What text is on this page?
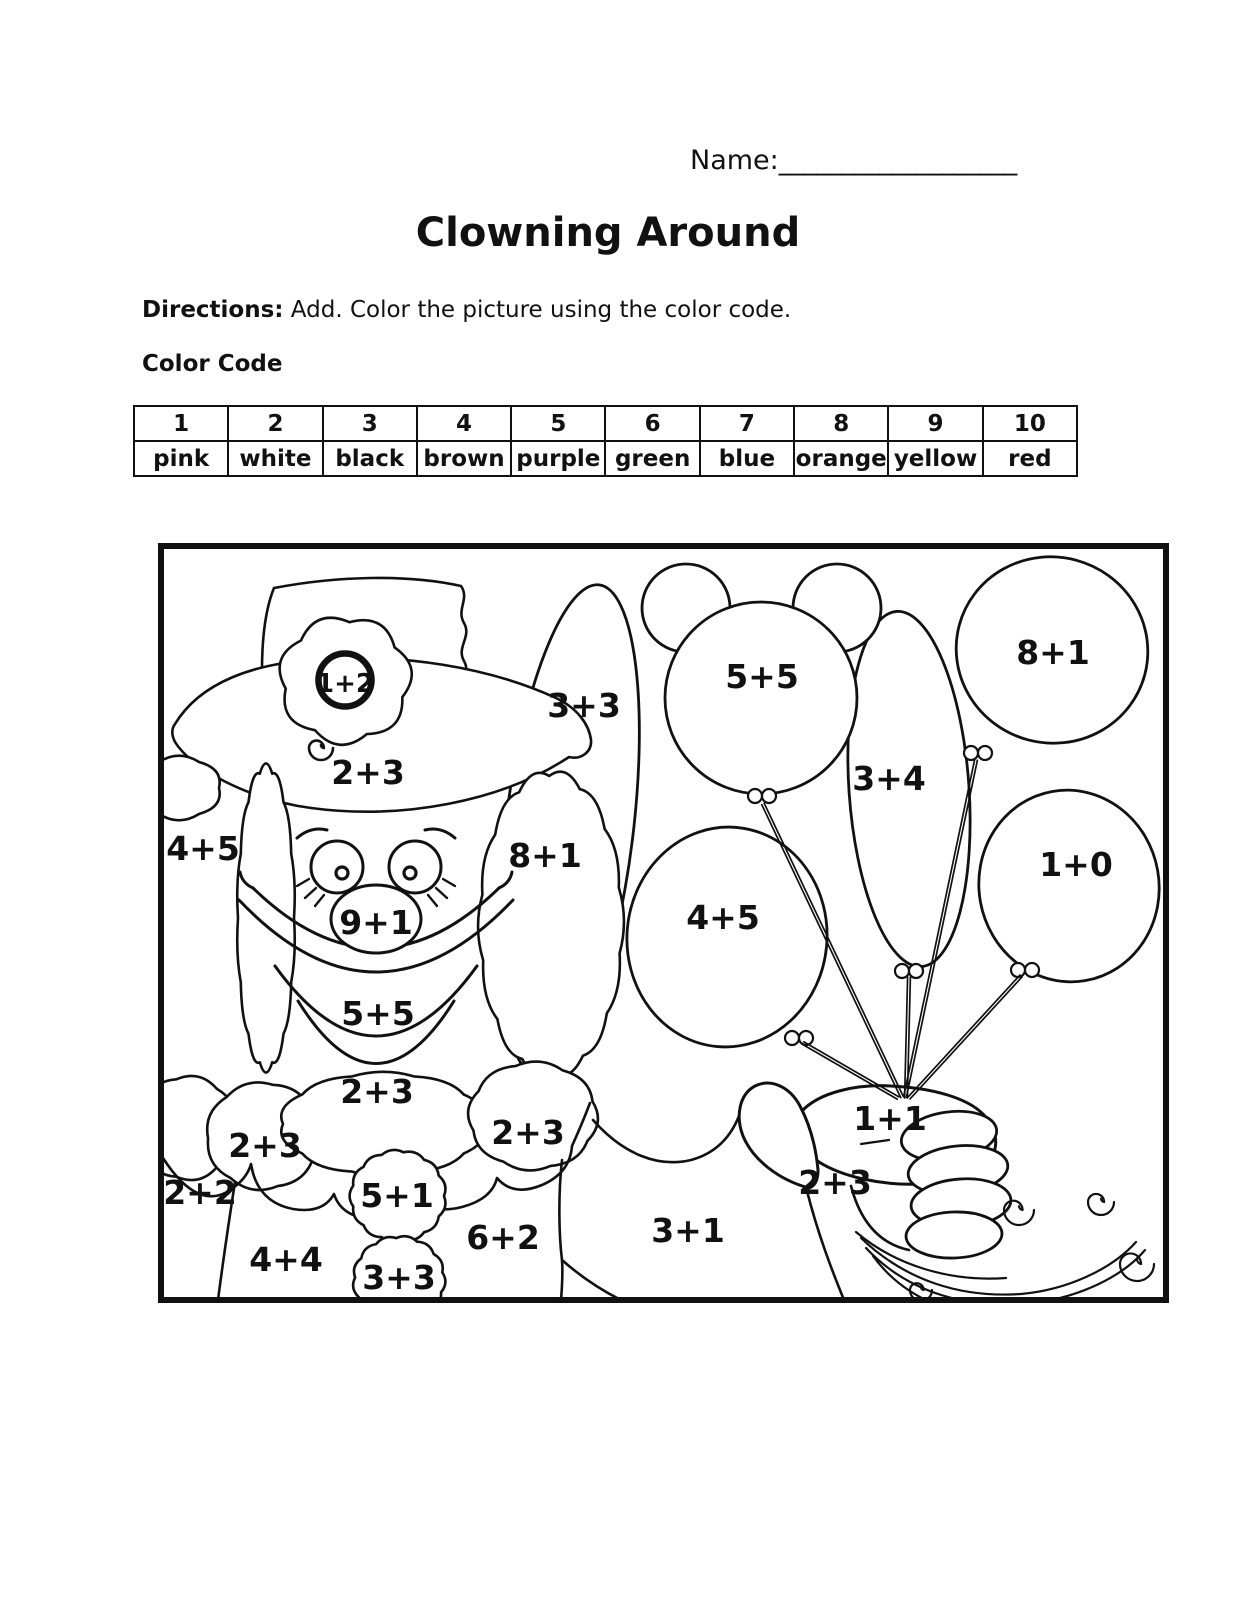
Name:___________________
Clowning Around
Directions: Add. Color the picture using the color code.
Color Code
1	2	3	4	5	6	7	8	9	10
pink	white	black	brown	purple	green	blue	orange	yellow	red
1+2
2+3
4+5
3+3
5+5
8+1
3+4
1+0
8+1
9+1	4+5
5+5
2+3
2+3
2+3
2+2	5+1
1+1
2+3
3+1
6+2
4+4 3+3
